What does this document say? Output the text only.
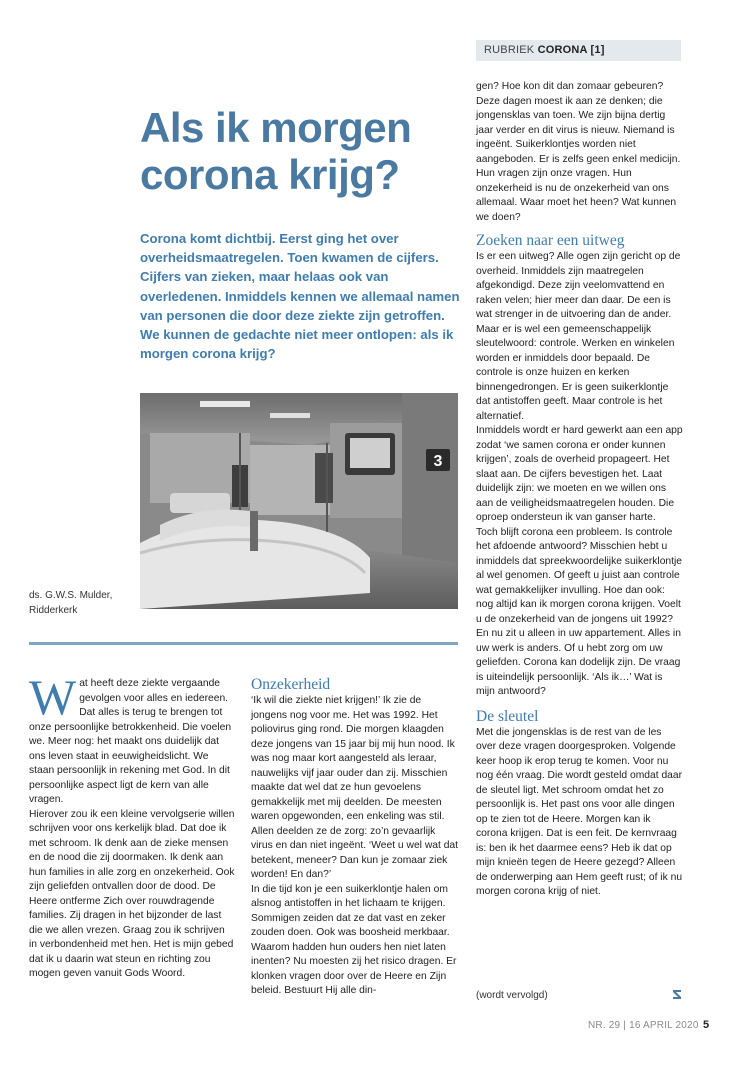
RUBRIEK CORONA [1]
Als ik morgen
corona krijg?

Corona komt dichtbij. Eerst ging het over overheidsmaatregelen. Toen kwamen de cijfers. Cijfers van zieken, maar helaas ook van overledenen. Inmiddels kennen we allemaal namen van personen die door deze ziekte zijn getroffen. We kunnen de gedachte niet meer ontlopen: als ik morgen corona krijg?

3
ds. G.W.S. Mulder,
Ridderkerk
W at heeft deze ziekte vergaande gevolgen voor alles en iedereen. Dat alles is terug te brengen tot onze persoonlijke betrokkenheid. Die voelen we. Meer nog: het maakt ons duidelijk dat ons leven staat in eeuwigheidslicht. We staan persoonlijk in rekening met God. In dit persoonlijke aspect ligt de kern van alle vragen.

Hierover zou ik een kleine vervolgserie willen schrijven voor ons kerkelijk blad. Dat doe ik met schroom. Ik denk aan de zieke mensen en de nood die zij doormaken. Ik denk aan hun families in alle zorg en onzekerheid. Ook zijn geliefden ontvallen door de dood. De Heere ontferme Zich over rouwdragende families. Zij dragen in het bijzonder de last die we allen vrezen. Graag zou ik schrijven in verbondenheid met hen. Het is mijn gebed dat ik u daarin wat steun en richting zou mogen geven vanuit Gods Woord.

Onzekerheid

‘Ik wil die ziekte niet krijgen!’ Ik zie de jongens nog voor me. Het was 1992. Het poliovirus ging rond. Die morgen klaagden deze jongens van 15 jaar bij mij hun nood. Ik was nog maar kort aangesteld als leraar, nauwelijks vijf jaar ouder dan zij. Misschien maakte dat wel dat ze hun gevoelens gemakkelijk met mij deelden. De meesten waren opgewonden, een enkeling was stil. Allen deelden ze de zorg: zo’n gevaarlijk virus en dan niet ingeënt. ‘Weet u wel wat dat betekent, meneer? Dan kun je zomaar ziek worden! En dan?’

In die tijd kon je een suikerklontje halen om alsnog antistoffen in het lichaam te krijgen. Sommigen zeiden dat ze dat vast en zeker zouden doen. Ook was boosheid merkbaar. Waarom hadden hun ouders hen niet laten inenten? Nu moesten zij het risico dragen. Er klonken vragen door over de Heere en Zijn beleid. Bestuurt Hij alle din-

gen? Hoe kon dit dan zomaar gebeuren? Deze dagen moest ik aan ze denken; die jongensklas van toen. We zijn bijna dertig jaar verder en dit virus is nieuw. Niemand is ingeënt. Suikerklontjes worden niet aangeboden. Er is zelfs geen enkel medicijn. Hun vragen zijn onze vragen. Hun onzekerheid is nu de onzekerheid van ons allemaal. Waar moet het heen? Wat kunnen we doen?

Zoeken naar een uitweg

Is er een uitweg? Alle ogen zijn gericht op de overheid. Inmiddels zijn maatregelen afgekondigd. Deze zijn veelomvattend en raken velen; hier meer dan daar. De een is wat strenger in de uitvoering dan de ander. Maar er is wel een gemeenschappelijk sleutelwoord: controle. Werken en winkelen worden er inmiddels door bepaald. De controle is onze huizen en kerken binnengedrongen. Er is geen suikerklontje dat antistoffen geeft. Maar controle is het alternatief.

Inmiddels wordt er hard gewerkt aan een app zodat ‘we samen corona er onder kunnen krijgen’, zoals de overheid propageert. Het slaat aan. De cijfers bevestigen het. Laat duidelijk zijn: we moeten en we willen ons aan de veiligheidsmaatregelen houden. Die oproep ondersteun ik van ganser harte.

Toch blijft corona een probleem. Is controle het afdoende antwoord? Misschien hebt u inmiddels dat spreekwoordelijke suikerklontje al wel genomen. Of geeft u juist aan controle wat gemakkelijker invulling. Hoe dan ook: nog altijd kan ik morgen corona krijgen. Voelt u de onzekerheid van de jongens uit 1992?

En nu zit u alleen in uw appartement. Alles in uw werk is anders. Of u hebt zorg om uw geliefden. Corona kan dodelijk zijn. De vraag is uiteindelijk persoonlijk. ‘Als ik…’ Wat is mijn antwoord?

De sleutel

Met die jongensklas is de rest van de les over deze vragen doorgesproken. Volgende keer hoop ik erop terug te komen. Voor nu nog één vraag. Die wordt gesteld omdat daar de sleutel ligt. Met schroom omdat het zo persoonlijk is. Het past ons voor alle dingen op te zien tot de Heere. Morgen kan ik corona krijgen. Dat is een feit. De kernvraag is: ben ik het daarmee eens? Heb ik dat op mijn knieën tegen de Heere gezegd? Alleen de onderwerping aan Hem geeft rust; of ik nu morgen corona krijg of niet.

(wordt vervolgd)
NR. 29 | 16 APRIL 2020 5
